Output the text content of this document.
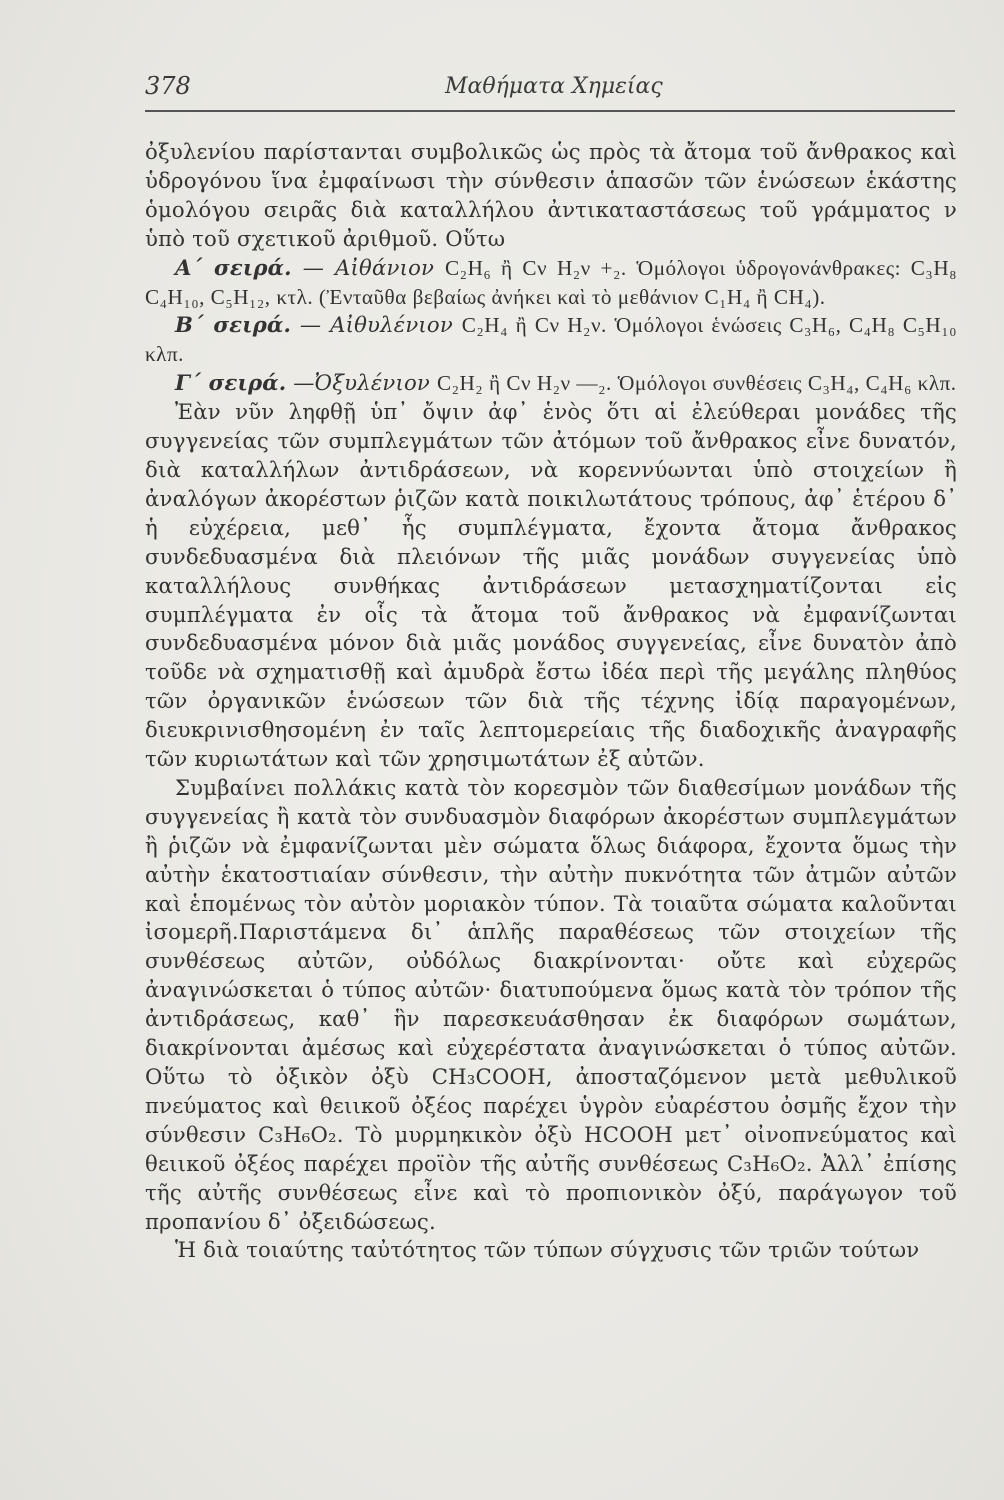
378	Μαθήματα Χημείας

ὀξυλενίου παρίστανται συμβολικῶς ὡς πρὸς τὰ ἄτομα τοῦ ἄνθρακος καὶ ὑδρογόνου ἵνα ἐμφαίνωσι τὴν σύνθεσιν ἁπασῶν τῶν ἑνώσεων ἑκάστης ὁμολόγου σειρᾶς διὰ καταλλήλου ἀντικαταστάσεως τοῦ γράμματος ν ὑπὸ τοῦ σχετικοῦ ἀριθμοῦ. Οὕτω

Α΄ σειρά. — Αἰθάνιον C₂H₆ ἢ Cν H₂ν +₂. Ὁμόλογοι ὑδρογονάνθρακες: C₃H₈ C₄H₁₀, C₅H₁₂, κτλ. (Ἐνταῦθα βεβαίως ἀνήκει καὶ τὸ μεθάνιον C₁H₄ ἢ CH₄).

Β΄ σειρά. — Αἰθυλένιον C₂H₄ ἢ Cν H₂ν. Ὁμόλογοι ἑνώσεις C₃H₆, C₄H₈ C₅H₁₀ κλπ.

Γ΄ σειρά. —Ὀξυλένιον C₂H₂ ἢ Cν H₂ν —₂. Ὁμόλογοι συνθέσεις C₃H₄, C₄H₆ κλπ.

Ἐὰν νῦν ληφθῇ ὑπ᾽ ὄψιν ἀφ᾽ ἑνὸς ὅτι αἱ ἐλεύθεραι μονάδες τῆς συγγενείας τῶν συμπλεγμάτων τῶν ἀτόμων τοῦ ἄνθρακος εἶνε δυνατόν, διὰ καταλλήλων ἀντιδράσεων, νὰ κορεννύωνται ὑπὸ στοιχείων ἢ ἀναλόγων ἀκορέστων ῥιζῶν κατὰ ποικιλωτάτους τρόπους, ἀφ᾽ ἑτέρου δ᾽ ἡ εὐχέρεια, μεθ᾽ ἧς συμπλέγματα, ἔχοντα ἄτομα ἄνθρακος συνδεδυασμένα διὰ πλειόνων τῆς μιᾶς μονάδων συγγενείας ὑπὸ καταλλήλους συνθήκας ἀντιδράσεων μετασχηματίζονται εἰς συμπλέγματα ἐν οἷς τὰ ἄτομα τοῦ ἄνθρακος νὰ ἐμφανίζωνται συνδεδυασμένα μόνον διὰ μιᾶς μονάδος συγγενείας, εἶνε δυνατὸν ἀπὸ τοῦδε νὰ σχηματισθῇ καὶ ἀμυδρὰ ἔστω ἰδέα περὶ τῆς μεγάλης πληθύος τῶν ὀργανικῶν ἑνώσεων τῶν διὰ τῆς τέχνης ἰδίᾳ παραγομένων, διευκρινισθησομένη ἐν ταῖς λεπτομερείαις τῆς διαδοχικῆς ἀναγραφῆς τῶν κυριωτάτων καὶ τῶν χρησιμωτάτων ἐξ αὐτῶν.

Συμβαίνει πολλάκις κατὰ τὸν κορεσμὸν τῶν διαθεσίμων μονάδων τῆς συγγενείας ἢ κατὰ τὸν συνδυασμὸν διαφόρων ἀκορέστων συμπλεγμάτων ἢ ῥιζῶν νὰ ἐμφανίζωνται μὲν σώματα ὅλως διάφορα, ἔχοντα ὅμως τὴν αὐτὴν ἑκατοστιαίαν σύνθεσιν, τὴν αὐτὴν πυκνότητα τῶν ἀτμῶν αὐτῶν καὶ ἑπομένως τὸν αὐτὸν μοριακὸν τύπον. Τὰ τοιαῦτα σώματα καλοῦνται ἰσομερῆ.Παριστάμενα δι᾽ ἁπλῆς παραθέσεως τῶν στοιχείων τῆς συνθέσεως αὐτῶν, οὐδόλως διακρίνονται· οὔτε καὶ εὐχερῶς ἀναγινώσκεται ὁ τύπος αὐτῶν· διατυπούμενα ὅμως κατὰ τὸν τρόπον τῆς ἀντιδράσεως, καθ᾽ ἣν παρεσκευάσθησαν ἐκ διαφόρων σωμάτων, διακρίνονται ἀμέσως καὶ εὐχερέστατα ἀναγινώσκεται ὁ τύπος αὐτῶν. Οὕτω τὸ ὀξικὸν ὀξὺ CH₃COOH, ἀποσταζόμενον μετὰ μεθυλικοῦ πνεύματος καὶ θειικοῦ ὀξέος παρέχει ὑγρὸν εὐαρέστου ὀσμῆς ἔχον τὴν σύνθεσιν C₃H₆O₂. Τὸ μυρμηκικὸν ὀξὺ HCOOH μετ᾽ οἰνοπνεύματος καὶ θειικοῦ ὀξέος παρέχει προϊὸν τῆς αὐτῆς συνθέσεως C₃H₆O₂. Ἀλλ᾽ ἐπίσης τῆς αὐτῆς συνθέσεως εἶνε καὶ τὸ προπιονικὸν ὀξύ, παράγωγον τοῦ προπανίου δ᾽ ὀξειδώσεως.

Ἡ διὰ τοιαύτης ταὐτότητος τῶν τύπων σύγχυσις τῶν τριῶν τούτων
